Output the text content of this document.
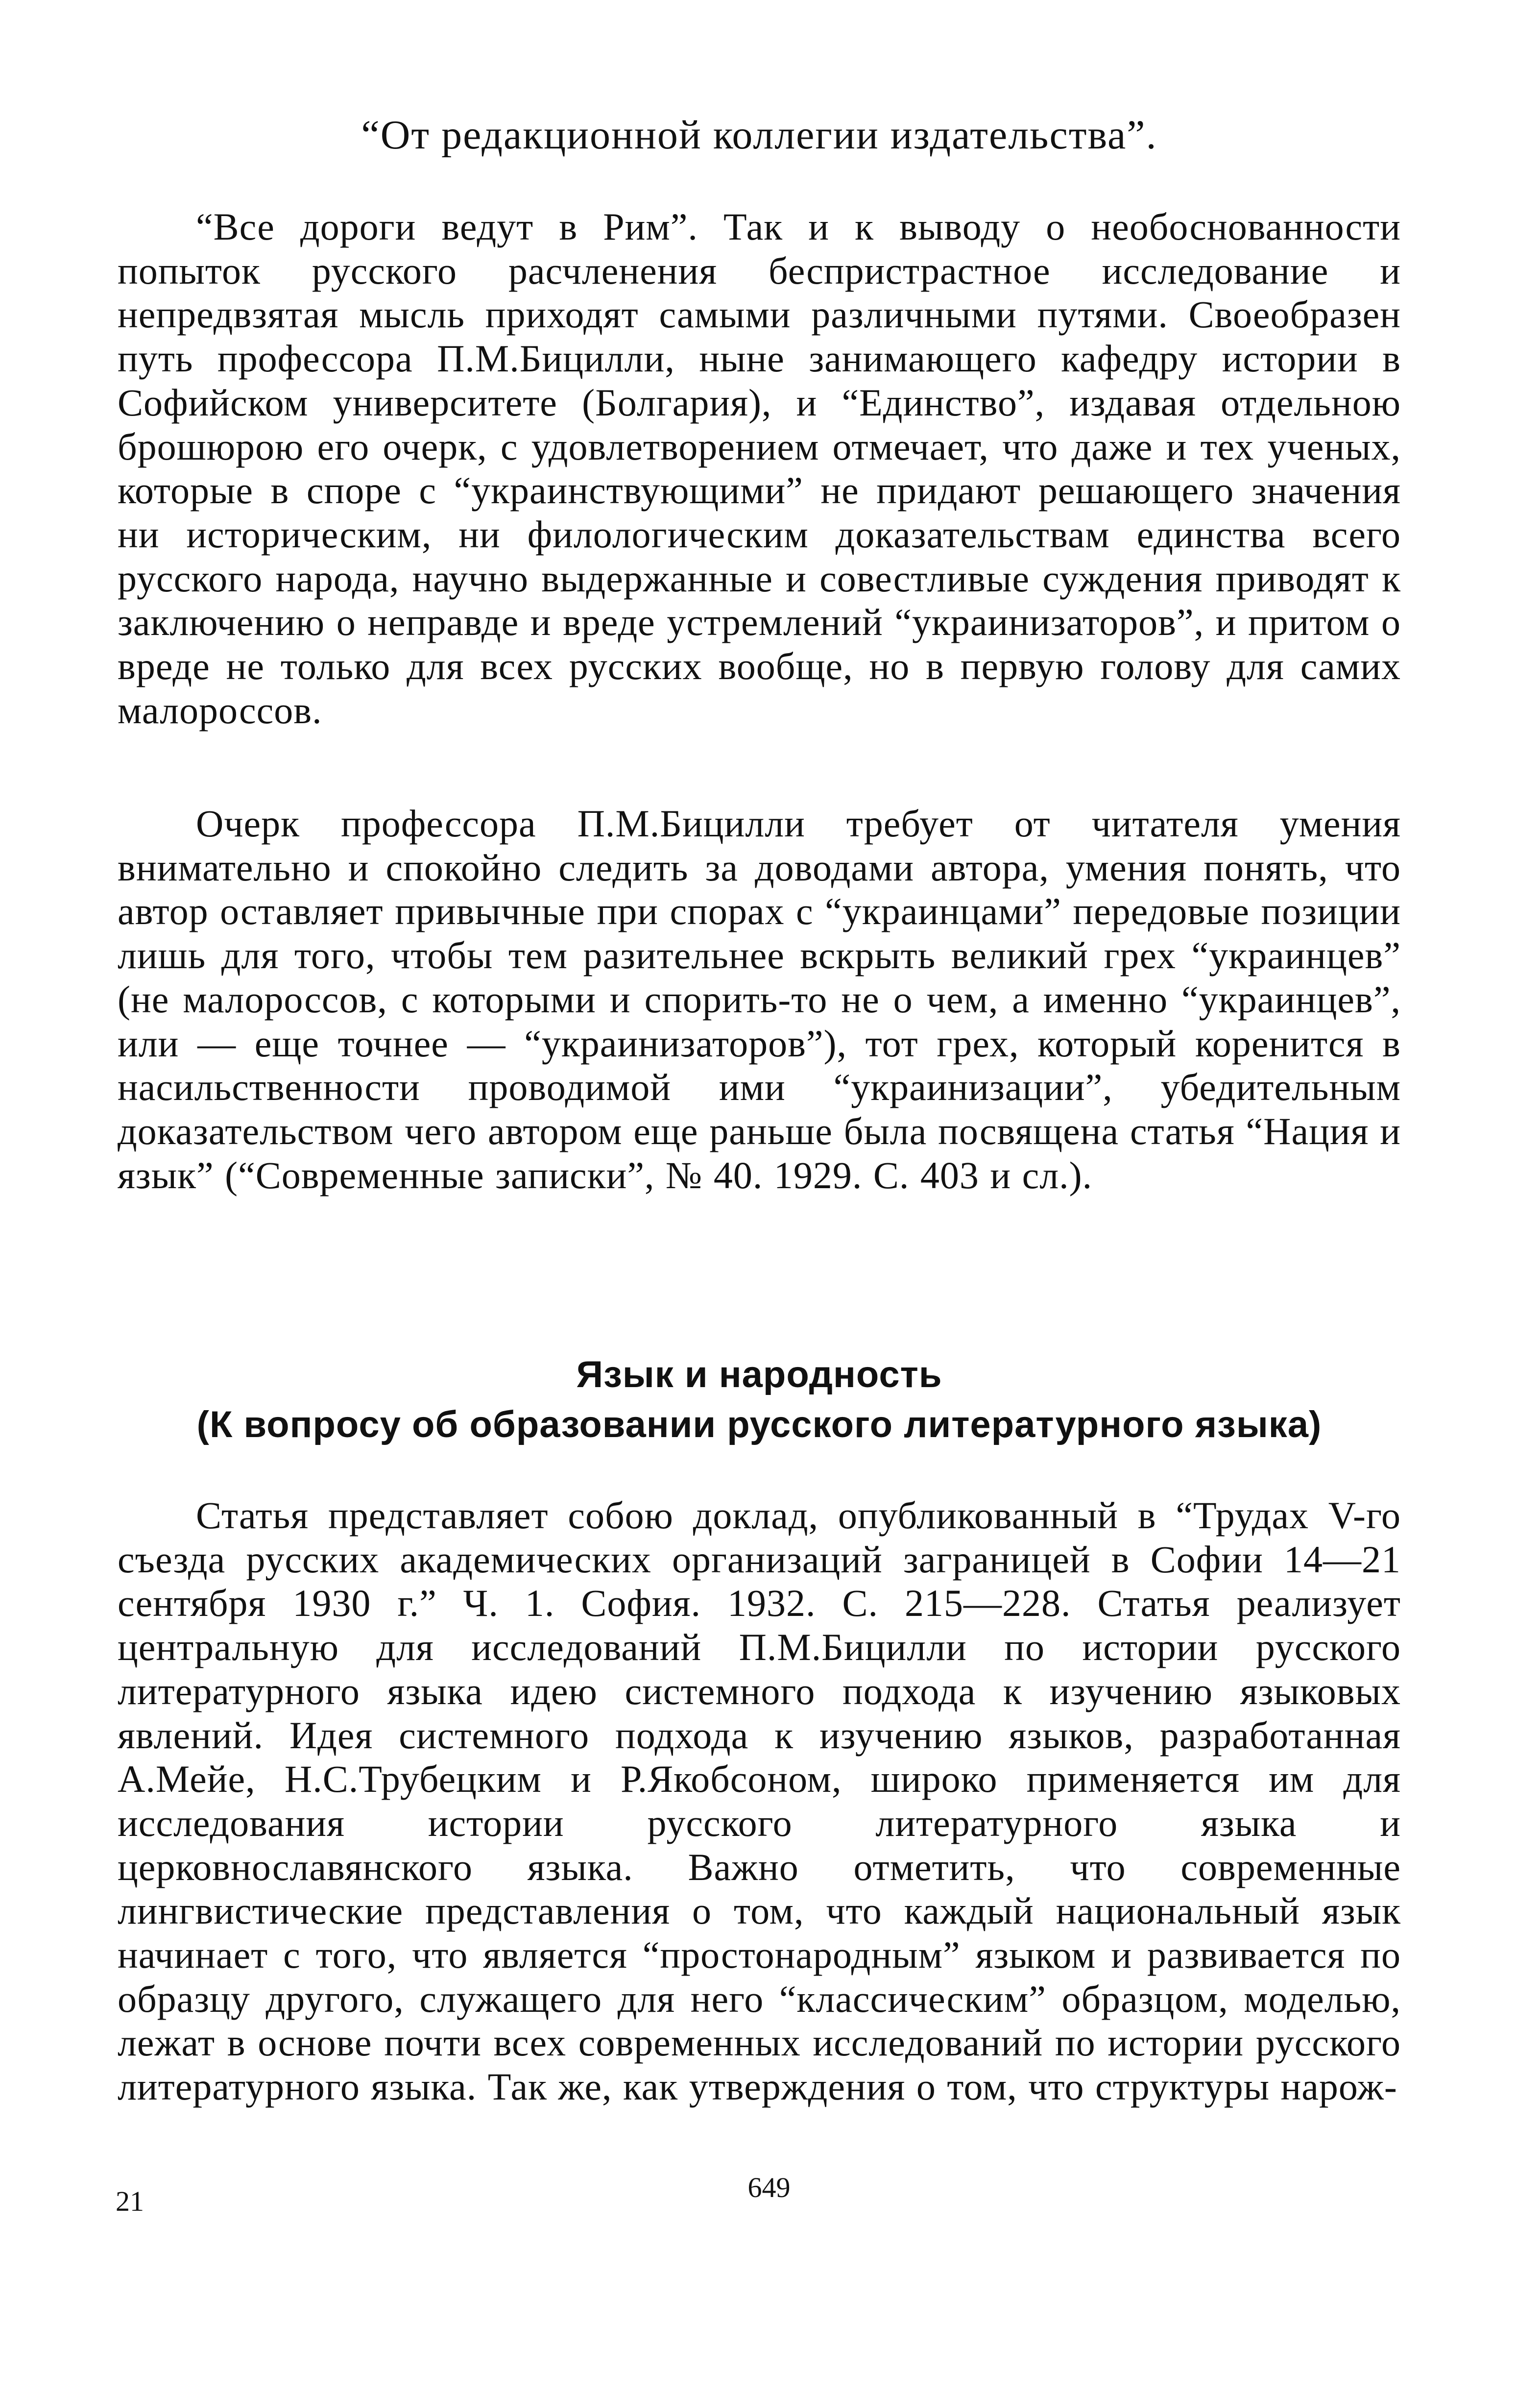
“От редакционной коллегии издательства”.

“Все дороги ведут в Рим”. Так и к выводу о необоснованности попыток русского расчленения беспристрастное исследование и непредвзятая мысль приходят самыми различными путями. Своеобразен путь профессора П.М.Бицилли, ныне занимающего кафедру истории в Софийском университете (Болгария), и “Единство”, издавая отдельною брошюрою его очерк, с удовлетворением отмечает, что даже и тех ученых, которые в споре с “украинствующими” не придают решающего значения ни историческим, ни филологическим доказательствам единства всего русского народа, научно выдержанные и совестливые суждения приводят к заключению о неправде и вреде устремлений “украинизаторов”, и притом о вреде не только для всех русских вообще, но в первую голову для самих малороссов.

Очерк профессора П.М.Бицилли требует от читателя умения внимательно и спокойно следить за доводами автора, умения понять, что автор оставляет привычные при спорах с “украинцами” передовые позиции лишь для того, чтобы тем разительнее вскрыть великий грех “украинцев” (не малороссов, с которыми и спорить-то не о чем, а именно “украинцев”, или — еще точнее — “украинизаторов”), тот грех, который коренится в насильственности проводимой ими “украинизации”, убедительным доказательством чего автором еще раньше была посвящена статья “Нация и язык” (“Современные записки”, № 40. 1929. С. 403 и сл.).

Язык и народность
(К вопросу об образовании русского литературного языка)

Статья представляет собою доклад, опубликованный в “Трудах V-го съезда русских академических организаций заграницей в Софии 14—21 сентября 1930 г.” Ч. 1. София. 1932. С. 215—228. Статья реализует центральную для исследований П.М.Бицилли по истории русского литературного языка идею системного подхода к изучению языковых явлений. Идея системного подхода к изучению языков, разработанная А.Мейе, Н.С.Трубецким и Р.Якобсоном, широко применяется им для исследования истории русского литературного языка и церковнославянского языка. Важно отметить, что современные лингвистические представления о том, что каждый национальный язык начинает с того, что является “простонародным” языком и развивается по образцу другого, служащего для него “классическим” образцом, моделью, лежат в основе почти всех современных исследований по истории русского литературного языка. Так же, как утверждения о том, что структуры нарож-

21	649
